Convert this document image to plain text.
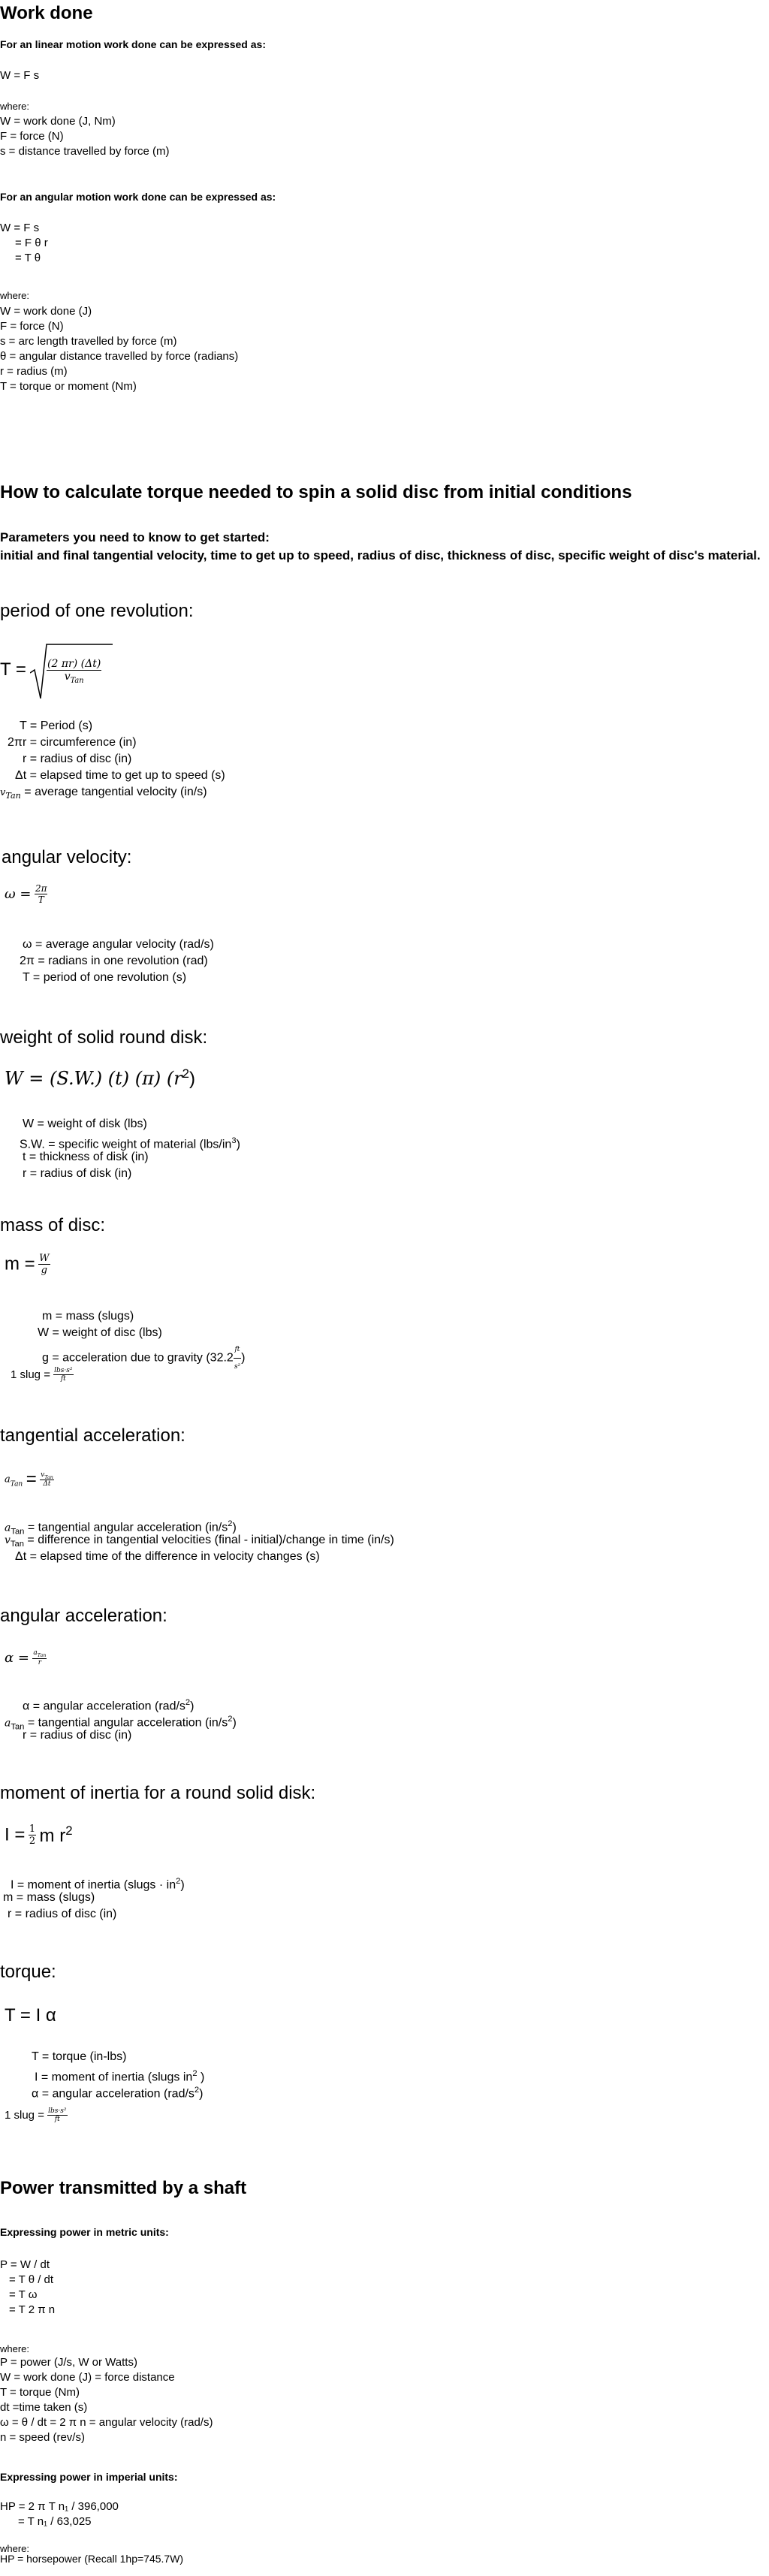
Work done
For an linear motion work done can be expressed as:
W = F s
where:
W = work done (J, Nm)
F = force (N)
s = distance travelled by force (m)
For an angular motion work done can be expressed as:
W = F s
= F θ r
= T θ
where:
W = work done (J)
F = force (N)
s = arc length travelled by force (m)
θ = angular distance travelled by force (radians)
r = radius (m)
T = torque or moment (Nm)
How to calculate torque needed to spin a solid disc from initial conditions
Parameters you need to know to get started:
initial and final tangential velocity, time to get up to speed, radius of disc, thickness of disc, specific weight of disc's material.
period of one revolution:
T = (2 πr) (Δt)
$v_{Tan}$
T = Period (s)
2πr = circumference (in)
r = radius of disc (in)
Δt = elapsed time to get up to speed (s)
$v_{Tan}$ = average tangential velocity (in/s)
angular velocity:
$\omega = \frac{2\pi}{T}$
ω = average angular velocity (rad/s)
2π = radians in one revolution (rad)
T = period of one revolution (s)
weight of solid round disk:
W = (S.W.) (t) (π) $(r^2)$
W = weight of disk (lbs)
S.W. = specific weight of material $(lbs/in^3)$
t = thickness of disk (in)
r = radius of disk (in)
mass of disc:
$m = \frac{W}{g}$
m = mass (slugs)
W = weight of disc (lbs)
g = acceleration due to gravity ($32.2 \frac{ft}{\text{s²}}$ )
1 slug = $\frac{\text{lbs·s²}}{ft}$
tangential acceleration:
$a_{Tan} = \frac{v_{Tan}}{\Delta t}$
$a_{Tan}$ = tangential angular acceleration $(in/s^2)$
$v_{Tan}$ = difference in tangential velocities (final - initial)/change in time (in/s)
Δt = elapsed time of the difference in velocity changes (s)
angular acceleration:
$\alpha = \frac{a_{Tan}}{r}$
α = angular acceleration $(rad/s^2)$
$a_{Tan}$ = tangential angular acceleration $(in/s^2)$
r = radius of disc (in)
moment of inertia for a round solid disk:
$I = \frac{1}{2}$ m $r^2$
I = moment of inertia (slugs · $in^2$)
m = mass (slugs)
r = radius of disc (in)
torque:
T = I α
T = torque (in-lbs)
I = moment of inertia (slugs $in^2$ )
α = angular acceleration $(rad/s^2)$
1 slug = $\frac{\text{lbs·s²}}{ft}$
Power transmitted by a shaft
Expressing power in metric units:
P = W / dt
= T θ / dt
= T ω
= T 2 π n
where:
P = power (J/s, W or Watts)
W = work done (J) = force distance
T = torque (Nm)
dt =time taken (s)
ω = θ / dt = 2 π n = angular velocity (rad/s)
n = speed (rev/s)
Expressing power in imperial units:
HP = 2 π T n₁ / 396,000
= T n₁ / 63,025
where:
HP = horsepower (Recall 1hp=745.7W)
